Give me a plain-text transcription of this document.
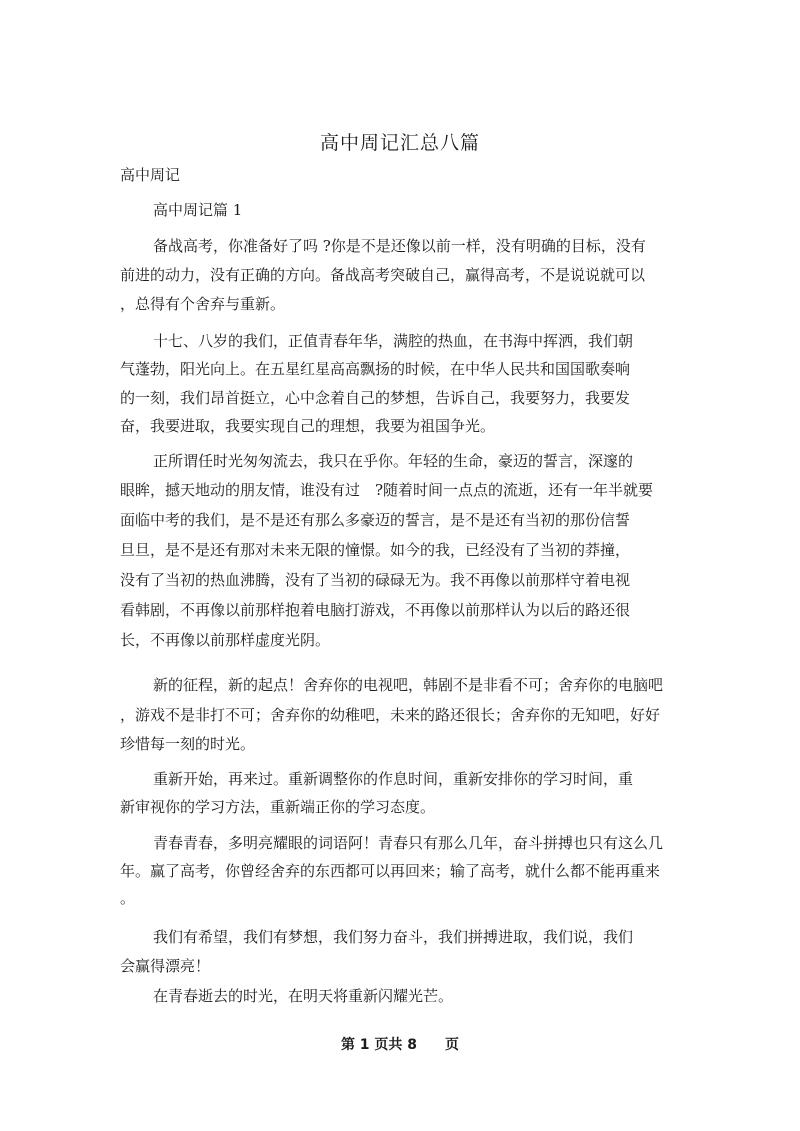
高中周记汇总八篇
高中周记
高中周记篇 1
备战高考，你准备好了吗 ?你是不是还像以前一样，没有明确的目标，没有
前进的动力，没有正确的方向。备战高考突破自己，赢得高考，不是说说就可以
，总得有个舍弃与重新。
十七、八岁的我们，正值青春年华，满腔的热血，在书海中挥洒，我们朝
气蓬勃，阳光向上。在五星红星高高飘扬的时候，在中华人民共和国国歌奏响
的一刻，我们昂首挺立，心中念着自己的梦想，告诉自己，我要努力，我要发
奋，我要进取，我要实现自己的理想，我要为祖国争光。
正所谓任时光匆匆流去，我只在乎你。年轻的生命，豪迈的誓言，深邃的
眼眸，撼天地动的朋友情，谁没有过　?随着时间一点点的流逝，还有一年半就要
面临中考的我们，是不是还有那么多豪迈的誓言，是不是还有当初的那份信誓
旦旦，是不是还有那对未来无限的憧憬。如今的我，已经没有了当初的莽撞，
没有了当初的热血沸腾，没有了当初的碌碌无为。我不再像以前那样守着电视
看韩剧，不再像以前那样抱着电脑打游戏，不再像以前那样认为以后的路还很
长，不再像以前那样虚度光阴。
新的征程，新的起点！舍弃你的电视吧，韩剧不是非看不可；舍弃你的电脑吧
，游戏不是非打不可；舍弃你的幼稚吧，未来的路还很长；舍弃你的无知吧，好好
珍惜每一刻的时光。
重新开始，再来过。重新调整你的作息时间，重新安排你的学习时间，重
新审视你的学习方法，重新端正你的学习态度。
青春青春，多明亮耀眼的词语阿！青春只有那么几年，奋斗拼搏也只有这么几
年。赢了高考，你曾经舍弃的东西都可以再回来；输了高考，就什么都不能再重来
。
我们有希望，我们有梦想，我们努力奋斗，我们拼搏进取，我们说，我们
会赢得漂亮！
在青春逝去的时光，在明天将重新闪耀光芒。
第 1 页共 8　　页
